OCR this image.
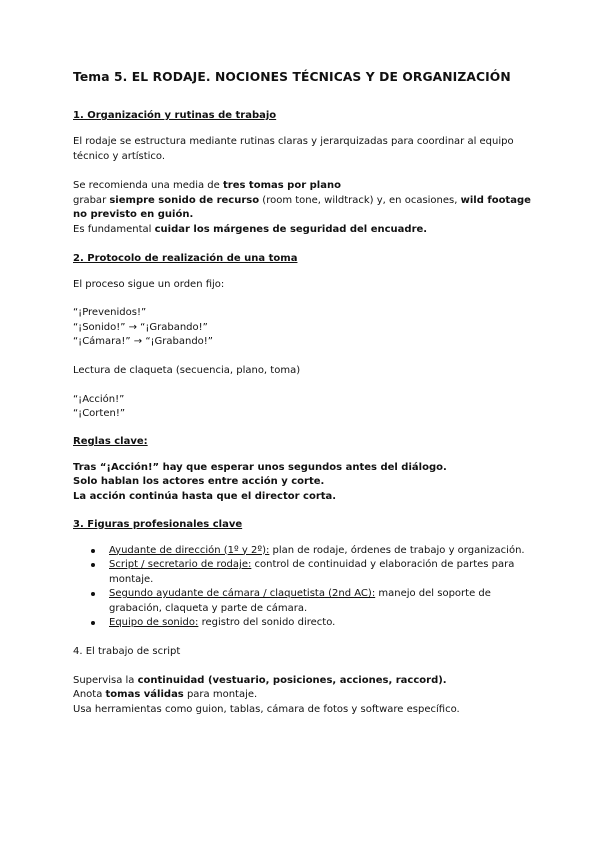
Tema 5. EL RODAJE. NOCIONES TÉCNICAS Y DE ORGANIZACIÓN
1. Organización y rutinas de trabajo

El rodaje se estructura mediante rutinas claras y jerarquizadas para coordinar al equipo técnico y artístico.

Se recomienda una media de tres tomas por plano

grabar siempre sonido de recurso (room tone, wildtrack) y, en ocasiones, wild footage no previsto en guión.

Es fundamental cuidar los márgenes de seguridad del encuadre.

2. Protocolo de realización de una toma

El proceso sigue un orden fijo:

“¡Prevenidos!”

“¡Sonido!” → “¡Grabando!”

“¡Cámara!” → “¡Grabando!”

Lectura de claqueta (secuencia, plano, toma)

“¡Acción!”

“¡Corten!”

Reglas clave:

Tras “¡Acción!” hay que esperar unos segundos antes del diálogo.

Solo hablan los actores entre acción y corte.

La acción continúa hasta que el director corta.

3. Figuras profesionales clave
Ayudante de dirección (1º y 2º): plan de rodaje, órdenes de trabajo y organización.
Script / secretario de rodaje: control de continuidad y elaboración de partes para montaje.
Segundo ayudante de cámara / claquetista (2nd AC): manejo del soporte de grabación, claqueta y parte de cámara.
Equipo de sonido: registro del sonido directo.

4. El trabajo de script

Supervisa la continuidad (vestuario, posiciones, acciones, raccord).

Anota tomas válidas para montaje.

Usa herramientas como guion, tablas, cámara de fotos y software específico.
